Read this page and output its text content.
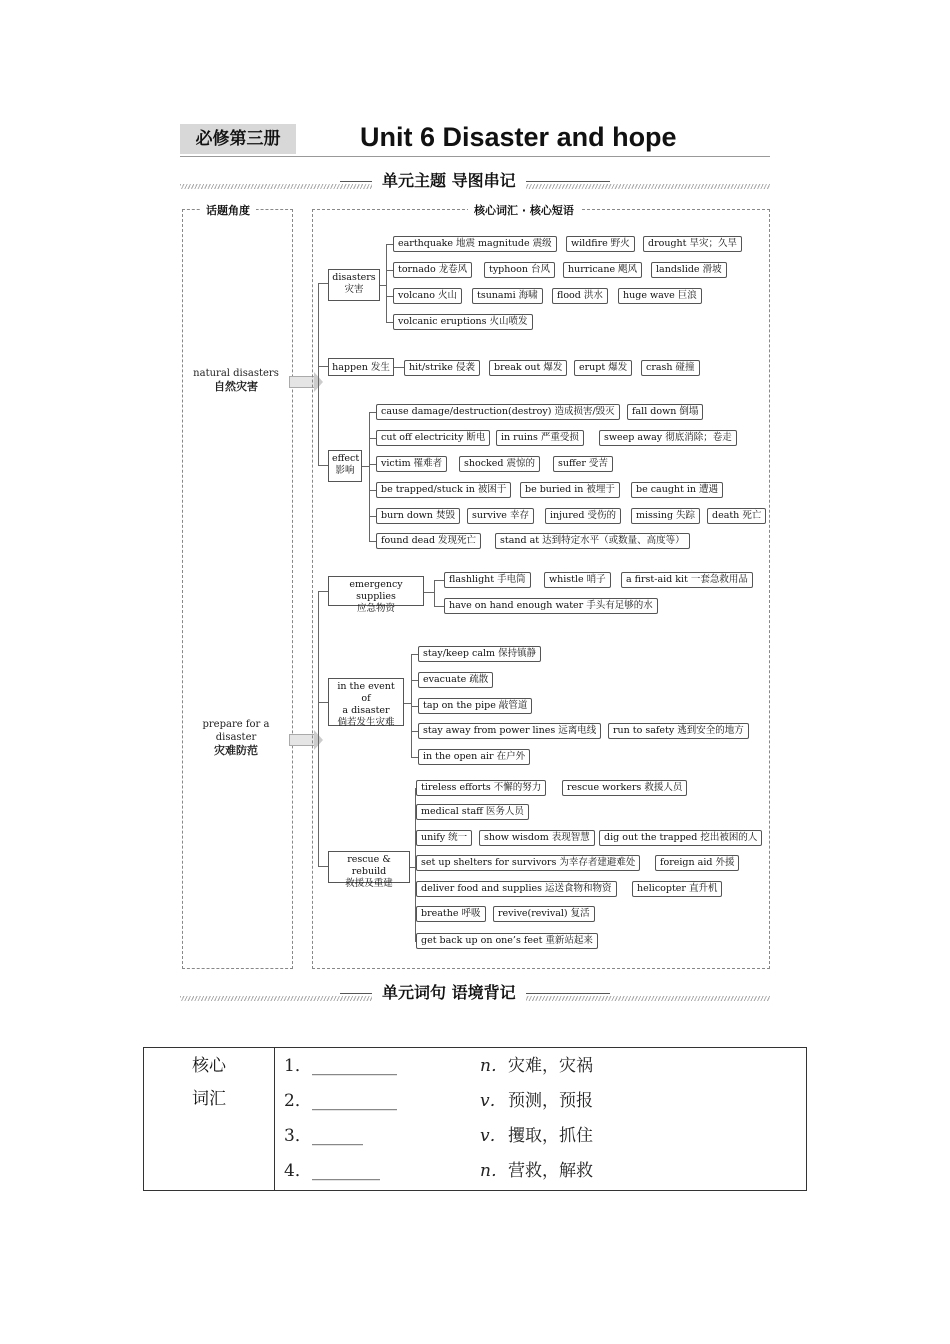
必修第三册	Unit 6 Disaster and hope
单元主题 导图串记
话题角度
natural disasters
自然灾害
prepare for a
disaster
灾难防范
核心词汇 · 核心短语
disasters
灾害
earthquake 地震 magnitude 震级	wildfire 野火	drought 旱灾；久旱
tornado 龙卷风	typhoon 台风	hurricane 飓风	landslide 滑坡
volcano 火山	tsunami 海啸	flood 洪水	huge wave 巨浪
volcanic eruptions 火山喷发
happen 发生	hit/strike 侵袭	break out 爆发	erupt 爆发	crash 碰撞
effect
影响
cause damage/destruction(destroy) 造成损害/毁灭	fall down 倒塌
cut off electricity 断电	in ruins 严重受损	sweep away 彻底消除；卷走
victim 罹难者	shocked 震惊的	suffer 受苦
be trapped/stuck in 被困于	be buried in 被埋于	be caught in 遭遇
burn down 焚毁	survive 幸存	injured 受伤的	missing 失踪	death 死亡
found dead 发现死亡	stand at 达到特定水平（或数量、高度等）
emergency supplies
应急物资
flashlight 手电筒	whistle 哨子	a first-aid kit 一套急救用品
have on hand enough water 手头有足够的水
in the event of
a disaster
倘若发生灾难
stay/keep calm 保持镇静
evacuate 疏散
tap on the pipe 敲管道
stay away from power lines 远离电线	run to safety 逃到安全的地方
in the open air 在户外
rescue & rebuild
救援及重建
tireless efforts 不懈的努力	rescue workers 救援人员
medical staff 医务人员
unify 统一	show wisdom 表现智慧	dig out the trapped 挖出被困的人
set up shelters for survivors 为幸存者建避难处	foreign aid 外援
deliver food and supplies 运送食物和物资	helicopter 直升机
breathe 呼吸	revive(revival) 复活
get back up on one’s feet 重新站起来
单元词句 语境背记
核心
词汇

1． __________	n． 灾难，灾祸
2． __________	v． 预测，预报
3． ______	v． 攫取，抓住
4． ________	n． 营救，解救
